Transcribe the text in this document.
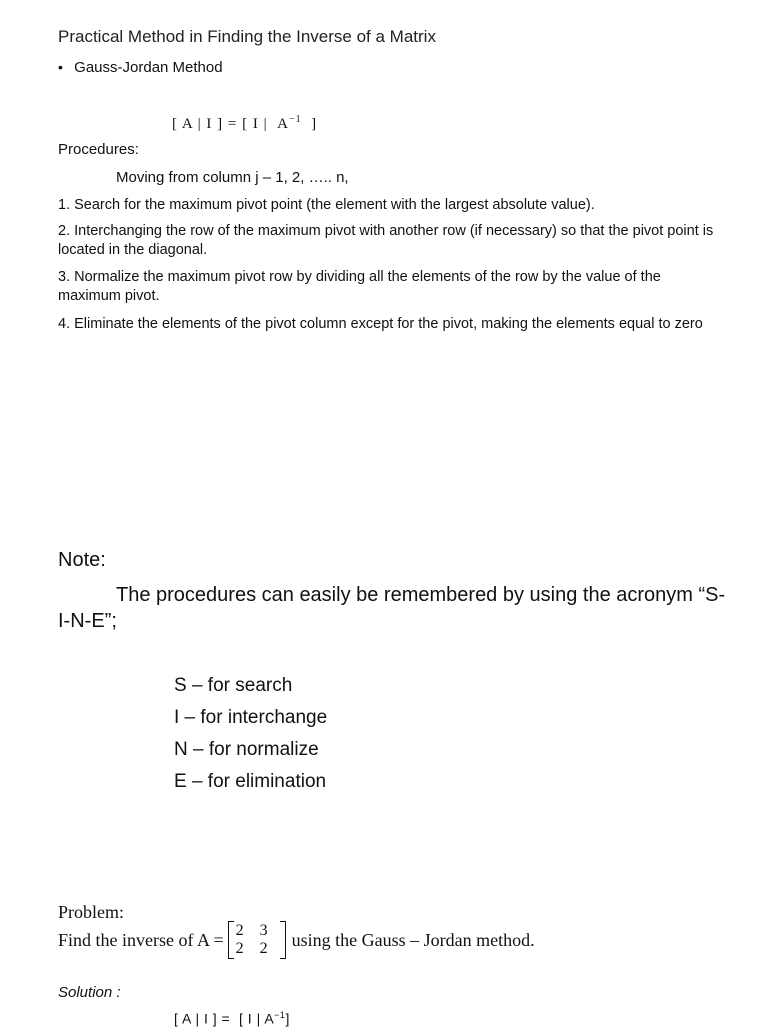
Practical Method in Finding the Inverse of a Matrix
• Gauss-Jordan Method
[ A | I ] = [ I | $A^{-1}$ ]
Procedures:
Moving from column j – 1, 2, ….. n,
1. Search for the maximum pivot point (the element with the largest absolute value).
2. Interchanging the row of the maximum pivot with another row (if necessary) so that the pivot point is located in the diagonal.
3. Normalize the maximum pivot row by dividing all the elements of the row by the value of the maximum pivot.
4. Eliminate the elements of the pivot column except for the pivot, making the elements equal to zero
Note:
The procedures can easily be remembered by using the acronym “S-I-N-E”;
S – for search
I – for interchange
N – for normalize
E – for elimination
Problem:
Find the inverse of A = 2	3
2	2	using the Gauss – Jordan method.
Solution :
[ A | I ] = [ I | $A^{-1}$]
